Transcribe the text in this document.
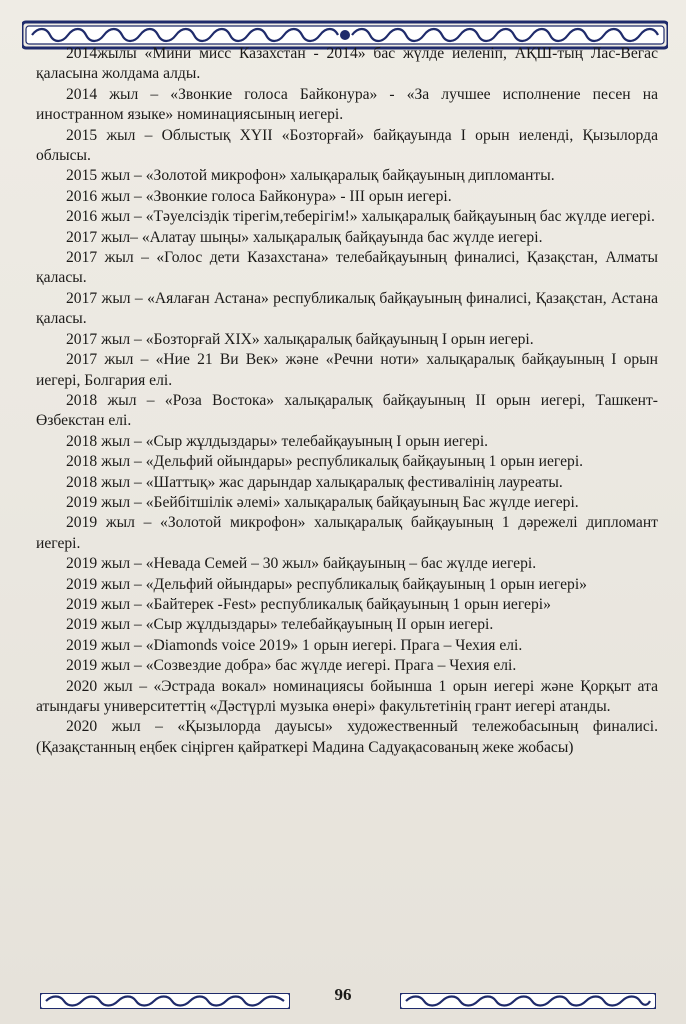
2014жылы «Мини мисс Казахстан - 2014» бас жүлде иеленіп, АҚШ-тың Лас-Вегас қаласына жолдама алды.

2014 жыл – «Звонкие голоса Байконура» - «За лучшее исполнение песен на иностранном языке» номинациясының иегері.

2015 жыл – Облыстық ХҮІІ «Бозторғай» байқауында І орын иеленді, Қызылорда облысы.

2015 жыл – «Золотой микрофон» халықаралық байқауының дипломанты.

2016 жыл – «Звонкие голоса Байконура» - ІІІ орын иегері.

2016 жыл – «Тәуелсіздік тірегім,теберігім!» халықаралық байқауының бас жүлде иегері.

2017 жыл– «Алатау шыңы» халықаралық байқауында бас жүлде иегері.

2017 жыл – «Голос дети Казахстана» телебайқауының финалисі, Қазақстан, Алматы қаласы.

2017 жыл – «Аялаған Астана» республикалық байқауының финалисі, Қазақстан, Астана қаласы.

2017 жыл – «Бозторғай ХІХ» халықаралық байқауының І орын иегері.

2017 жыл – «Ние 21 Ви Век» және «Речни ноти» халықаралық байқауының І орын иегері, Болгария елі.

2018 жыл – «Роза Востока» халықаралық байқауының ІІ орын иегері, Ташкент- Өзбекстан елі.

2018 жыл – «Сыр жұлдыздары» телебайқауының І орын иегері.

2018 жыл – «Дельфий ойындары» республикалық байқауының 1 орын иегері.

2018 жыл – «Шаттық» жас дарындар халықаралық фестивалінің лауреаты.

2019 жыл – «Бейбітшілік әлемі» халықаралық байқауының Бас жүлде иегері.

2019 жыл – «Золотой микрофон» халықаралық байқауының 1 дәрежелі дипломант иегері.

2019 жыл – «Невада Семей – 30 жыл» байқауының – бас жүлде иегері.

2019 жыл – «Дельфий ойындары» республикалық байқауының 1 орын иегері»

2019 жыл – «Байтерек -Fest» республикалық байқауының 1 орын иегері»

2019 жыл – «Сыр жұлдыздары» телебайқауының ІІ орын иегері.

2019 жыл – «Diamonds voice 2019» 1 орын иегері. Прага – Чехия елі.

2019 жыл – «Созвездие добра» бас жүлде иегері. Прага – Чехия елі.

2020 жыл – «Эстрада вокал» номинациясы бойынша 1 орын иегері және Қорқыт ата атындағы университеттің «Дәстүрлі музыка өнері» факультетінің грант иегері атанды.

2020 жыл – «Қызылорда дауысы» художественный тележобасының финалисі. (Қазақстанның еңбек сіңірген қайраткері Мадина Садуақасованың жеке жобасы)

96
